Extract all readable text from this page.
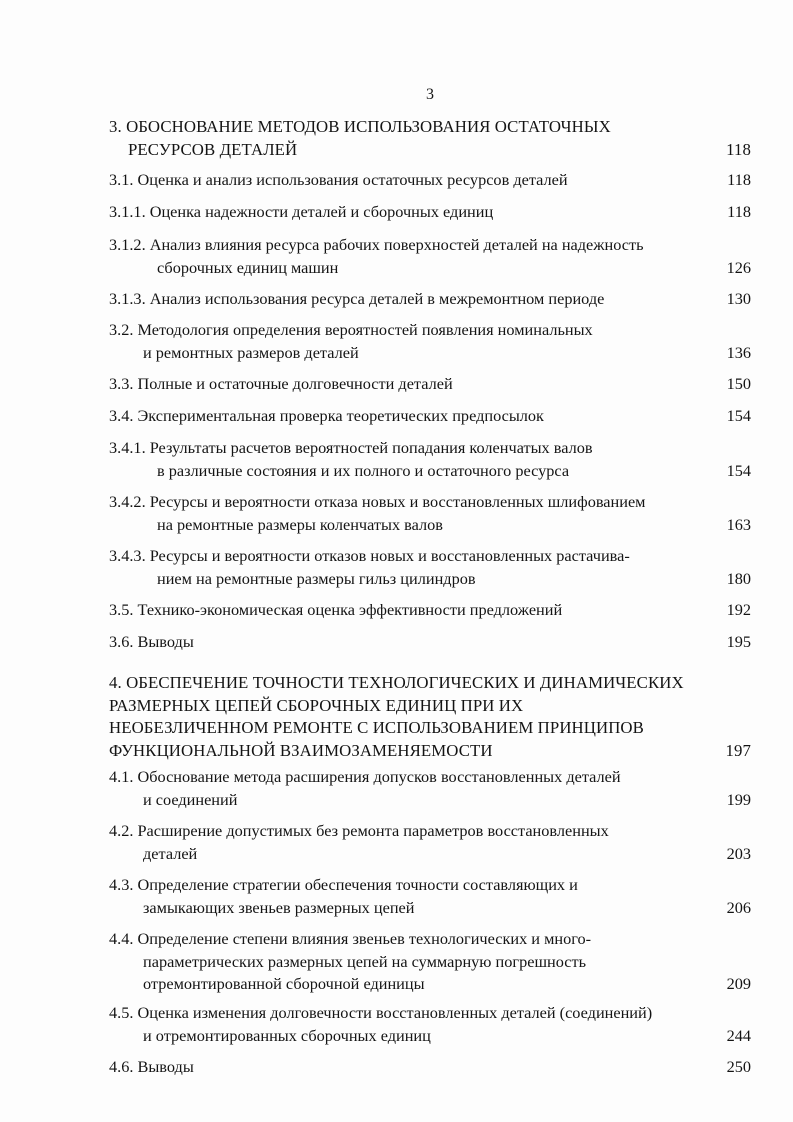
3
3. ОБОСНОВАНИЕ МЕТОДОВ ИСПОЛЬЗОВАНИЯ ОСТАТОЧНЫХ
РЕСУРСОВ ДЕТАЛЕЙ	118
3.1. Оценка и анализ использования остаточных ресурсов деталей	118
3.1.1. Оценка надежности деталей и сборочных единиц	118
3.1.2. Анализ влияния ресурса рабочих поверхностей деталей на надежность
сборочных единиц машин	126
3.1.3. Анализ использования ресурса деталей в межремонтном периоде	130
3.2. Методология определения вероятностей появления номинальных
и ремонтных размеров деталей	136
3.3. Полные и остаточные долговечности деталей	150
3.4. Экспериментальная проверка теоретических предпосылок	154
3.4.1. Результаты расчетов вероятностей попадания коленчатых валов
в различные состояния и их полного и остаточного ресурса	154
3.4.2. Ресурсы и вероятности отказа новых и восстановленных шлифованием
на ремонтные размеры коленчатых валов	163
3.4.3. Ресурсы и вероятности отказов новых и восстановленных растачива-
нием на ремонтные размеры гильз цилиндров	180
3.5. Технико-экономическая оценка эффективности предложений	192
3.6. Выводы	195
4. ОБЕСПЕЧЕНИЕ ТОЧНОСТИ ТЕХНОЛОГИЧЕСКИХ И ДИНАМИЧЕСКИХ
РАЗМЕРНЫХ ЦЕПЕЙ СБОРОЧНЫХ ЕДИНИЦ ПРИ ИХ
НЕОБЕЗЛИЧЕННОМ РЕМОНТЕ С ИСПОЛЬЗОВАНИЕМ ПРИНЦИПОВ
ФУНКЦИОНАЛЬНОЙ ВЗАИМОЗАМЕНЯЕМОСТИ	197
4.1. Обоснование метода расширения допусков восстановленных деталей
и соединений	199
4.2. Расширение допустимых без ремонта параметров восстановленных
деталей	203
4.3. Определение стратегии обеспечения точности составляющих и
замыкающих звеньев размерных цепей	206
4.4. Определение степени влияния звеньев технологических и много-
параметрических размерных цепей на суммарную погрешность
отремонтированной сборочной единицы	209
4.5. Оценка изменения долговечности восстановленных деталей (соединений)
и отремонтированных сборочных единиц	244
4.6. Выводы	250
